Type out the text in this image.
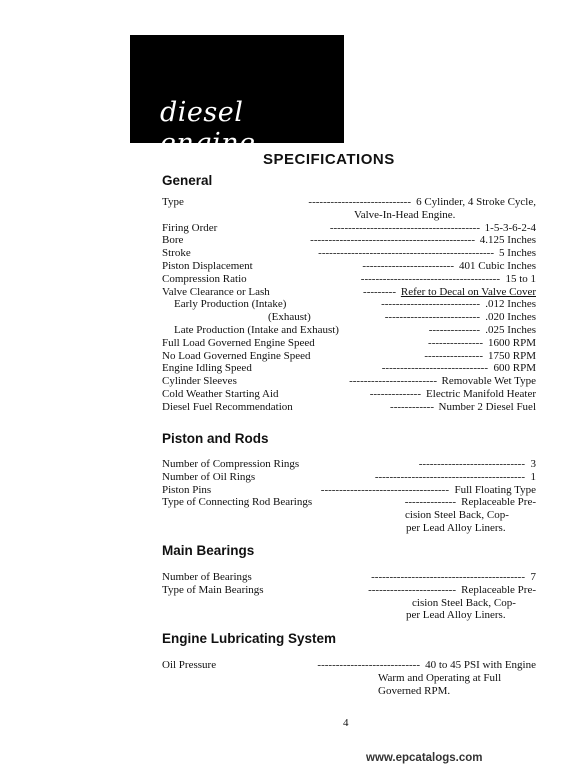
diesel engine
SPECIFICATIONS
General
Piston and Rods
Main Bearings
Engine Lubricating System
----------------------------
Type	6 Cylinder, 4 Stroke Cycle,
Valve-In-Head Engine.
-----------------------------------------
Firing Order	1-5-3-6-2-4
---------------------------------------------
Bore	4.125 Inches
------------------------------------------------
Stroke	5 Inches
-------------------------
Piston Displacement	401 Cubic Inches
--------------------------------------
Compression Ratio	15 to 1
---------
Valve Clearance or Lash	Refer to Decal on Valve Cover
---------------------------
Early Production (Intake)	.012 Inches
--------------------------
(Exhaust)	.020 Inches
--------------
Late Production (Intake and Exhaust)	.025 Inches
---------------
Full Load Governed Engine Speed	1600 RPM
----------------
No Load Governed Engine Speed	1750 RPM
-----------------------------
Engine Idling Speed	600 RPM
------------------------
Cylinder Sleeves	Removable Wet Type
--------------
Cold Weather Starting Aid	Electric Manifold Heater
------------
Diesel Fuel Recommendation	Number 2 Diesel Fuel
-----------------------------
Number of Compression Rings	3
-----------------------------------------
Number of Oil Rings	1
-----------------------------------
Piston Pins	Full Floating Type
--------------
Type of Connecting Rod Bearings	Replaceable Pre-
cision Steel Back, Cop-
per Lead Alloy Liners.
------------------------------------------
Number of Bearings	7
------------------------
Type of Main Bearings	Replaceable Pre-
cision Steel Back, Cop-
per Lead Alloy Liners.
----------------------------
Oil Pressure	40 to 45 PSI with Engine
Warm and Operating at Full
Governed RPM.
4
www.epcatalogs.com
